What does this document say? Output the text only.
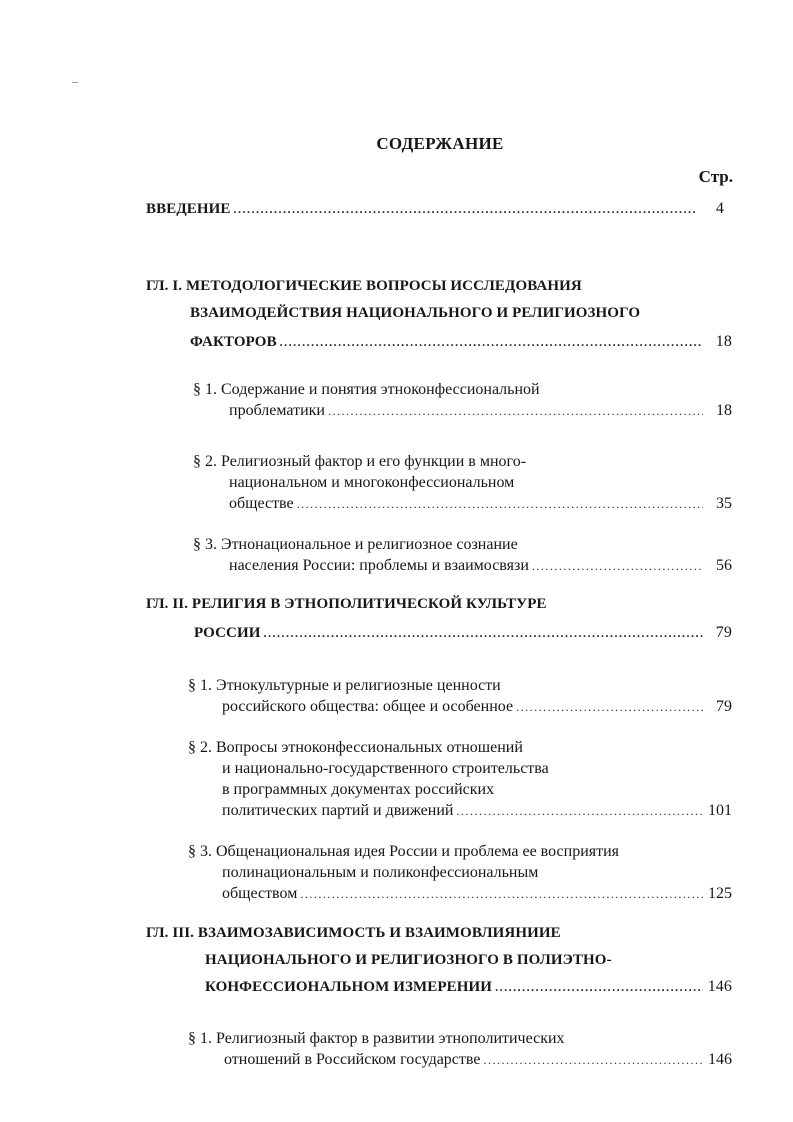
СОДЕРЖАНИЕ
Стр.
ВВЕДЕНИЕ .....	4
ГЛ. I. МЕТОДОЛОГИЧЕСКИЕ ВОПРОСЫ ИССЛЕДОВАНИЯ
ВЗАИМОДЕЙСТВИЯ НАЦИОНАЛЬНОГО И РЕЛИГИОЗНОГО
ФАКТОРОВ .....	18
§ 1. Содержание и понятия этноконфессиональной
проблематики .....	18
§ 2. Религиозный фактор и его функции в много-
национальном и многоконфессиональном
обществе .....	35
§ 3. Этнонациональное и религиозное сознание
населения России: проблемы и взаимосвязи .....	56
ГЛ. II. РЕЛИГИЯ В ЭТНОПОЛИТИЧЕСКОЙ КУЛЬТУРЕ
РОССИИ .....	79
§ 1. Этнокультурные и религиозные ценности
российского общества: общее и особенное .....	79
§ 2. Вопросы этноконфессиональных отношений
и национально-государственного строительства
в программных документах российских
политических партий и движений .....	101
§ 3. Общенациональная идея России и проблема ее восприятия
полинациональным и поликонфессиональным
обществом .....	125
ГЛ. III. ВЗАИМОЗАВИСИМОСТЬ И ВЗАИМОВЛИЯНИИЕ
НАЦИОНАЛЬНОГО И РЕЛИГИОЗНОГО В ПОЛИЭТНО-
КОНФЕССИОНАЛЬНОМ ИЗМЕРЕНИИ .....	146
§ 1. Религиозный фактор в развитии этнополитических
отношений в Российском государстве .....	146
